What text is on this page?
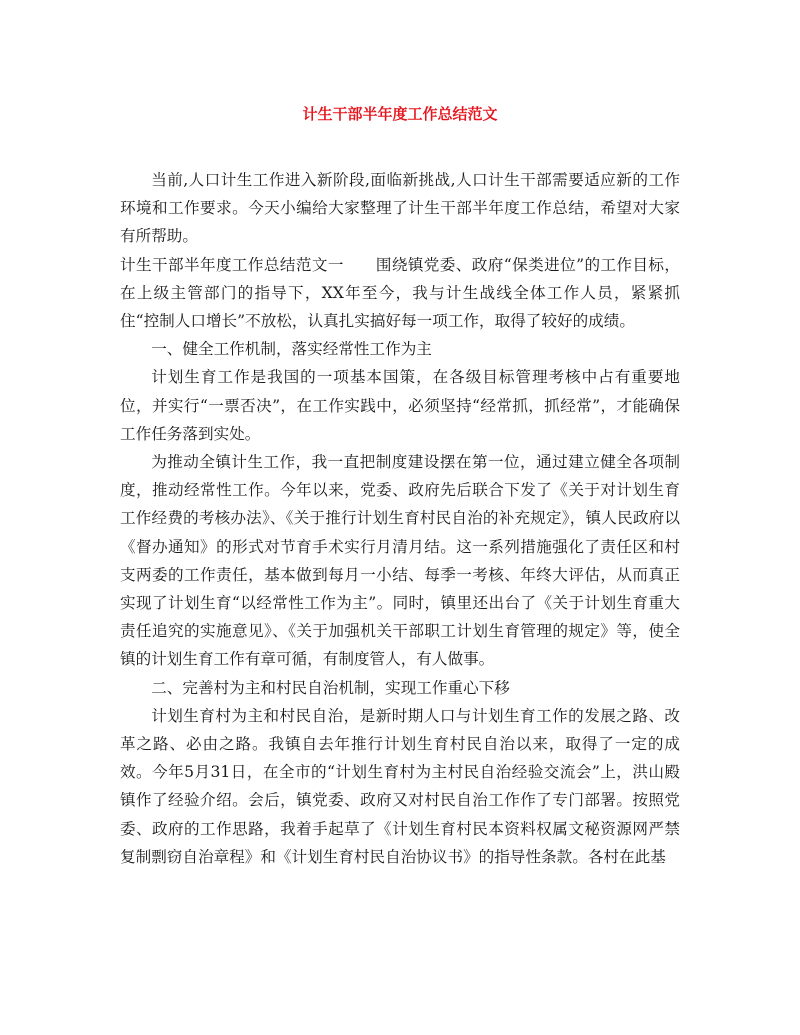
计生干部半年度工作总结范文

当前,人口计生工作进入新阶段,面临新挑战,人口计生干部需要适应新的工作环境和工作要求。今天小编给大家整理了计生干部半年度工作总结，希望对大家有所帮助。

计生干部半年度工作总结范文一　　围绕镇党委、政府“保类进位”的工作目标，在上级主管部门的指导下，XX年至今，我与计生战线全体工作人员，紧紧抓住“控制人口增长”不放松，认真扎实搞好每一项工作，取得了较好的成绩。

一、健全工作机制，落实经常性工作为主

计划生育工作是我国的一项基本国策，在各级目标管理考核中占有重要地位，并实行“一票否决”，在工作实践中，必须坚持“经常抓，抓经常”，才能确保工作任务落到实处。

为推动全镇计生工作，我一直把制度建设摆在第一位，通过建立健全各项制度，推动经常性工作。今年以来，党委、政府先后联合下发了《关于对计划生育工作经费的考核办法》、《关于推行计划生育村民自治的补充规定》，镇人民政府以《督办通知》的形式对节育手术实行月清月结。这一系列措施强化了责任区和村支两委的工作责任，基本做到每月一小结、每季一考核、年终大评估，从而真正实现了计划生育“以经常性工作为主”。同时，镇里还出台了《关于计划生育重大责任追究的实施意见》、《关于加强机关干部职工计划生育管理的规定》等，使全镇的计划生育工作有章可循，有制度管人，有人做事。

二、完善村为主和村民自治机制，实现工作重心下移

计划生育村为主和村民自治，是新时期人口与计划生育工作的发展之路、改革之路、必由之路。我镇自去年推行计划生育村民自治以来，取得了一定的成效。今年5月31日，在全市的“计划生育村为主村民自治经验交流会”上，洪山殿镇作了经验介绍。会后，镇党委、政府又对村民自治工作作了专门部署。按照党委、政府的工作思路，我着手起草了《计划生育村民本资料权属文秘资源网严禁复制剽窃自治章程》和《计划生育村民自治协议书》的指导性条款。各村在此基
